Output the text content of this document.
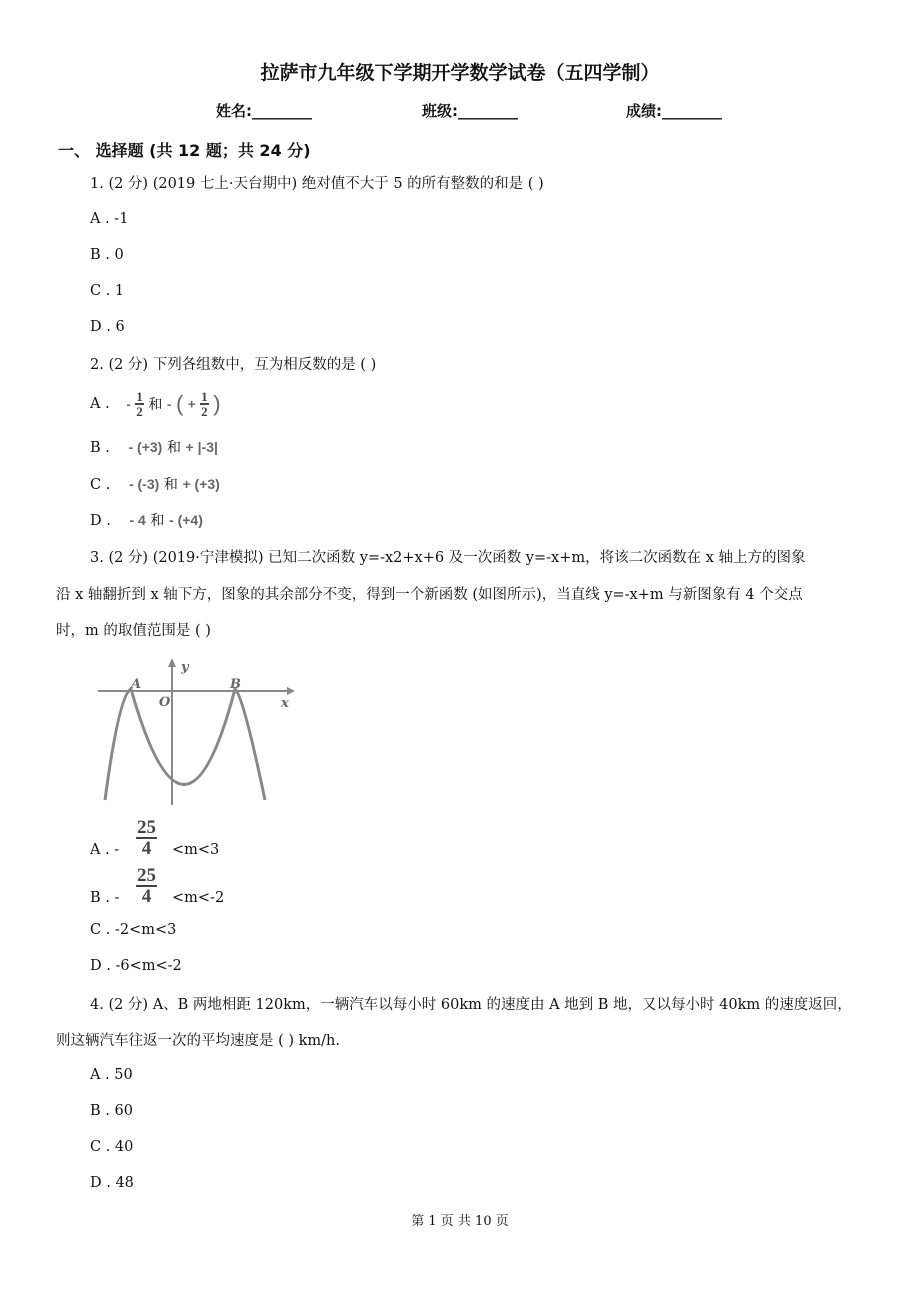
拉萨市九年级下学期开学数学试卷（五四学制）
姓名:________	班级:________	成绩:________
一、 选择题 (共 12 题；共 24 分)
1. (2 分) (2019 七上·天台期中) 绝对值不大于 5 的所有整数的和是 ( )
A . -1
B . 0
C . 1
D . 6
2. (2 分) 下列各组数中，互为相反数的是 ( )
A . - $\frac{1}{2}$ 和 - ( + $\frac{1}{2}$ )
B . - (+3) 和 + |-3|
C . - (-3) 和 + (+3)
D . - 4 和 - (+4)
3. (2 分) (2019·宁津模拟) 已知二次函数 y=-x2+x+6 及一次函数 y=-x+m，将该二次函数在 x 轴上方的图象
沿 x 轴翻折到 x 轴下方，图象的其余部分不变，得到一个新函数 (如图所示)，当直线 y=-x+m 与新图象有 4 个交点
时，m 的取值范围是 ( )
y
x
O
A	B
A . - $\frac{25}{4} <m<3$
B . - $\frac{25}{4} <m<-2$
C . -2<m<3
D . -6<m<-2
4. (2 分) A、B 两地相距 120km，一辆汽车以每小时 60km 的速度由 A 地到 B 地，又以每小时 40km 的速度返回，
则这辆汽车往返一次的平均速度是 ( ) km/h.
A . 50
B . 60
C . 40
D . 48
第 1 页 共 10 页
